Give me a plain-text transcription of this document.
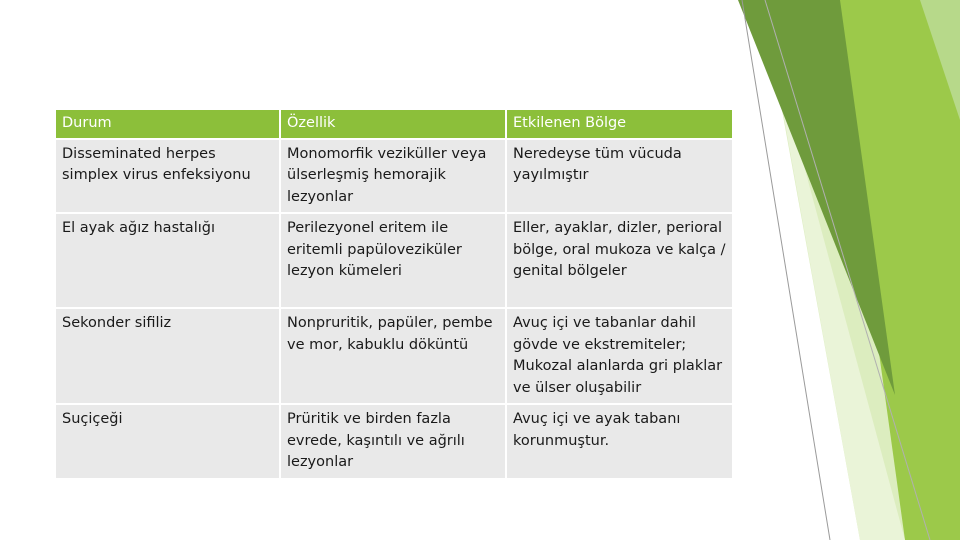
Durum	Özellik	Etkilenen Bölge
Disseminated herpes simplex virus enfeksiyonu	Monomorfik veziküller veya ülserleşmiş hemorajik lezyonlar	Neredeyse tüm vücuda yayılmıştır
El ayak ağız hastalığı	Perilezyonel eritem ile eritemli papülovezi̇küler lezyon kümeleri	Eller, ayaklar, dizler, perioral bölge, oral mukoza ve kalça / genital bölgeler
Sekonder sifiliz	Nonpruritik, papüler, pembe ve mor, kabuklu döküntü	Avuç içi ve tabanlar dahil gövde ve ekstremiteler; Mukozal alanlarda gri plaklar ve ülser oluşabilir
Suçiçeği	Prüritik ve birden fazla evrede, kaşıntılı ve ağrılı lezyonlar	Avuç içi ve ayak tabanı korunmuştur.
